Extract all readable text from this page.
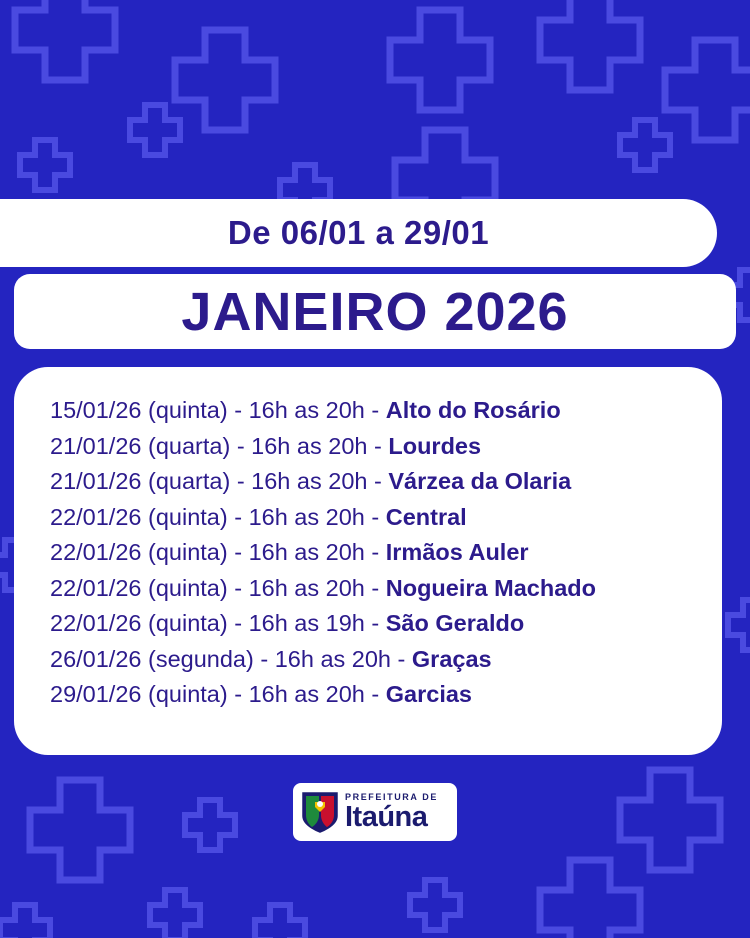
De 06/01 a 29/01
JANEIRO 2026
15/01/26 (quinta) - 16h as 20h - Alto do Rosário
21/01/26 (quarta) - 16h as 20h - Lourdes
21/01/26 (quarta) - 16h as 20h - Várzea da Olaria
22/01/26 (quinta) - 16h as 20h - Central
22/01/26 (quinta) - 16h as 20h - Irmãos Auler
22/01/26 (quinta) - 16h as 20h - Nogueira Machado
22/01/26 (quinta) - 16h as 19h - São Geraldo
26/01/26 (segunda) - 16h as 20h - Graças
29/01/26 (quinta) - 16h as 20h - Garcias
PREFEITURA DE
Itaúna
